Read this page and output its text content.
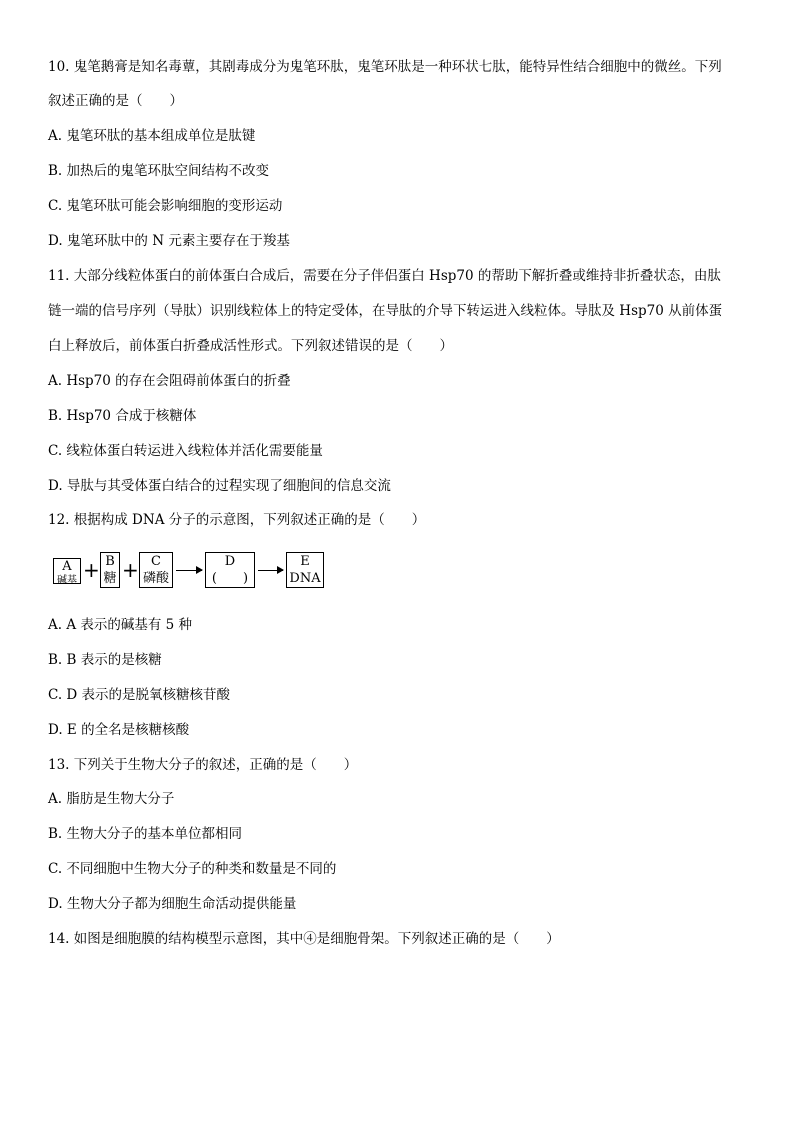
10. 鬼笔鹅膏是知名毒蕈，其剧毒成分为鬼笔环肽，鬼笔环肽是一种环状七肽，能特异性结合细胞中的微丝。下列
叙述正确的是（　　）
A. 鬼笔环肽的基本组成单位是肽键
B. 加热后的鬼笔环肽空间结构不改变
C. 鬼笔环肽可能会影响细胞的变形运动
D. 鬼笔环肽中的 N 元素主要存在于羧基
11. 大部分线粒体蛋白的前体蛋白合成后，需要在分子伴侣蛋白 Hsp70 的帮助下解折叠或维持非折叠状态，由肽
链一端的信号序列（导肽）识别线粒体上的特定受体，在导肽的介导下转运进入线粒体。导肽及 Hsp70 从前体蛋
白上释放后，前体蛋白折叠成活性形式。下列叙述错误的是（　　）
A. Hsp70 的存在会阻碍前体蛋白的折叠
B. Hsp70 合成于核糖体
C. 线粒体蛋白转运进入线粒体并活化需要能量
D. 导肽与其受体蛋白结合的过程实现了细胞间的信息交流
12. 根据构成 DNA 分子的示意图，下列叙述正确的是（　　）
A
碱基 + B
糖 + C
磷酸
D
(　　)
E
DNA
A. A 表示的碱基有 5 种
B. B 表示的是核糖
C. D 表示的是脱氧核糖核苷酸
D. E 的全名是核糖核酸
13. 下列关于生物大分子的叙述，正确的是（　　）
A. 脂肪是生物大分子
B. 生物大分子的基本单位都相同
C. 不同细胞中生物大分子的种类和数量是不同的
D. 生物大分子都为细胞生命活动提供能量
14. 如图是细胞膜的结构模型示意图，其中④是细胞骨架。下列叙述正确的是（　　）
